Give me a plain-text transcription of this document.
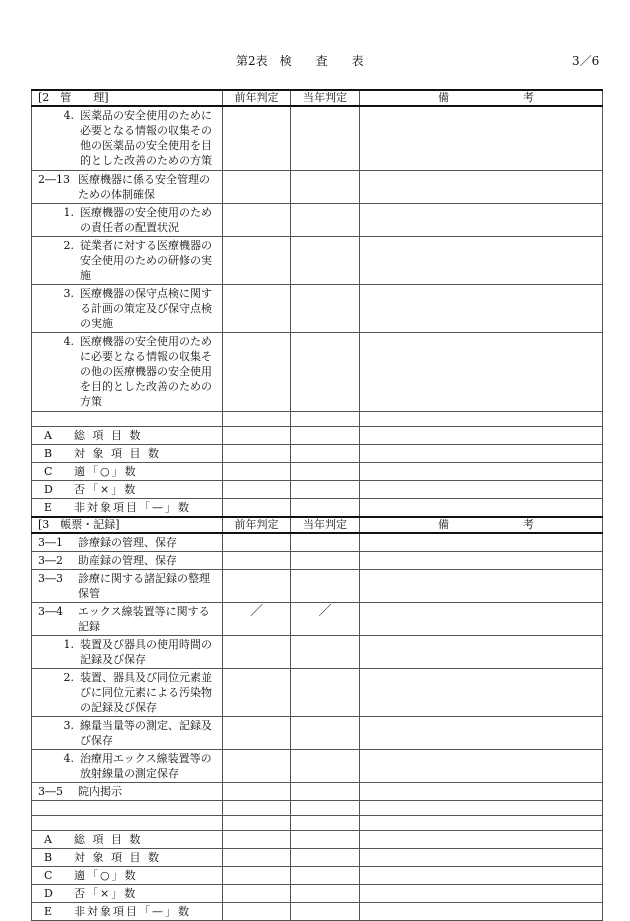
第2表　検　　査　　表	3／6
[2　管　　理]	前年判定	当年判定	備 考

4. 医薬品の安全使用のために必要となる情報の収集その他の医薬品の安全使用を目的とした改善のための方策			

2―13 医療機器に係る安全管理のための体制確保			

1. 医療機器の安全使用のための責任者の配置状況			

2. 従業者に対する医療機器の安全使用のための研修の実施			

3. 医療機器の保守点検に関する計画の策定及び保守点検の実施			

4. 医療機器の安全使用のために必要となる情報の収集その他の医療機器の安全使用を目的とした改善のための方策			

A 総 項 目 数			

B 対 象 項 目 数			

C 適「○」数			

D 否「×」数			

E 非対象項目「—」数			

[3　帳票・記録]	前年判定	当年判定	備 考

3―1 診療録の管理、保存			

3―2 助産録の管理、保存			

3―3 診療に関する諸記録の整理保管			

3―4 エックス線装置等に関する記録	／	／	

1. 装置及び器具の使用時間の記録及び保存			

2. 装置、器具及び同位元素並びに同位元素による汚染物の記録及び保存			

3. 線量当量等の測定、記録及び保存			

4. 治療用エックス線装置等の放射線量の測定保存			

3―5 院内掲示			

A 総 項 目 数			

B 対 象 項 目 数			

C 適「○」数			

D 否「×」数			

E 非対象項目「—」数			
